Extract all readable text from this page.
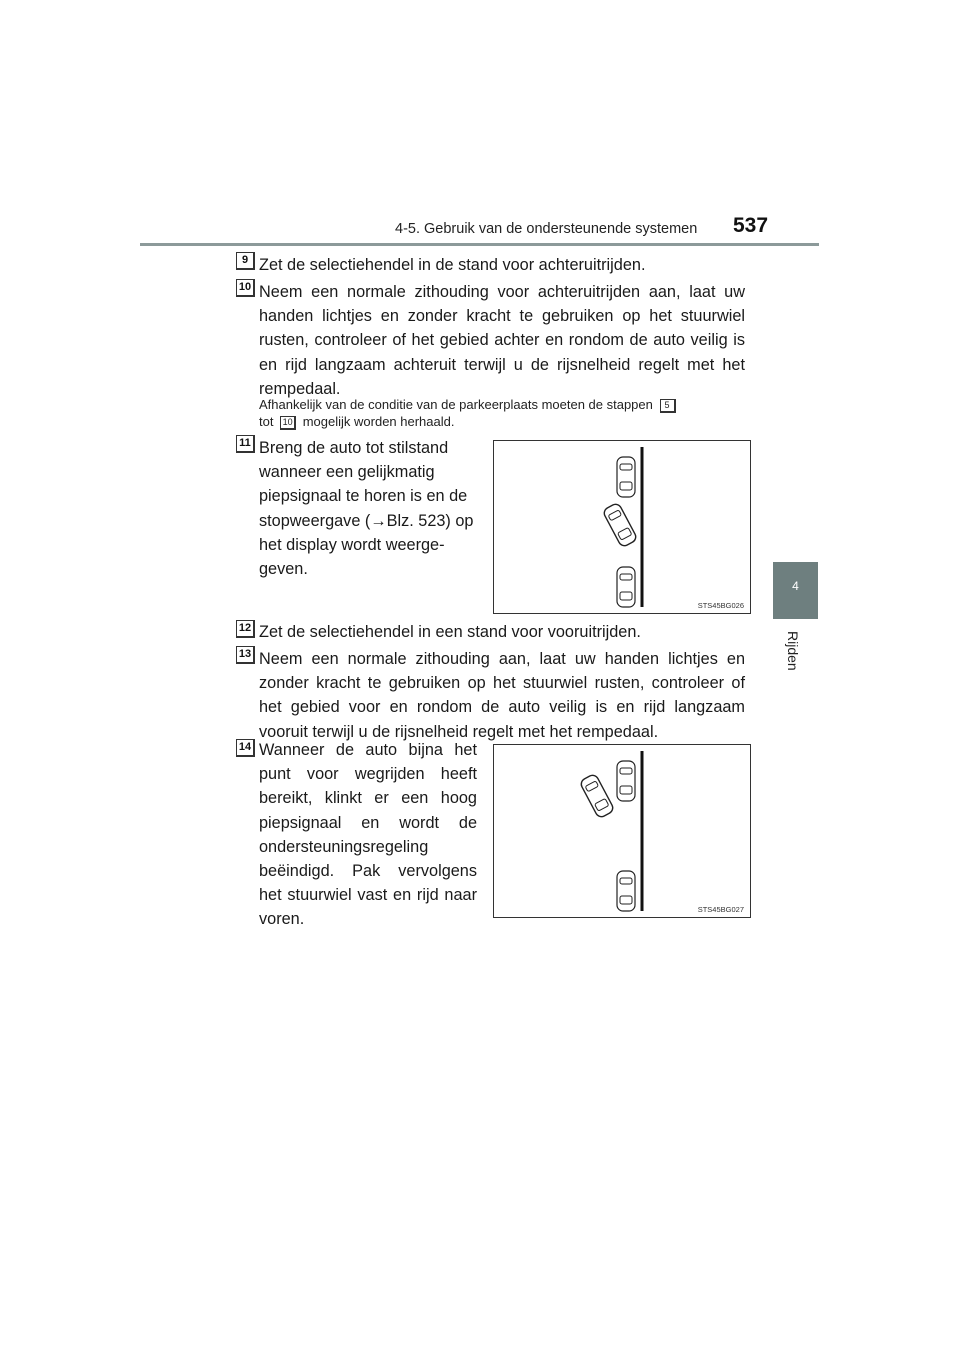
4-5. Gebruik van de ondersteunende systemen 537
4
Rijden
9 Zet de selectiehendel in de stand voor achteruitrijden.
10 Neem een normale zithouding voor achteruitrijden aan, laat uw handen lichtjes en zonder kracht te gebruiken op het stuurwiel rusten, controleer of het gebied achter en rondom de auto veilig is en rijd langzaam achteruit terwijl u de rijsnelheid regelt met het rempedaal.
Afhankelijk van de conditie van de parkeerplaats moeten de stappen 5
tot 10 mogelijk worden herhaald.
11 Breng de auto tot stilstand wanneer een gelijkmatig piepsignaal te horen is en de stopweergave (→Blz. 523) op het display wordt weerge-geven.
STS45BG026
12 Zet de selectiehendel in een stand voor vooruitrijden.
13 Neem een normale zithouding aan, laat uw handen lichtjes en zonder kracht te gebruiken op het stuurwiel rusten, controleer of het gebied voor en rondom de auto veilig is en rijd langzaam vooruit terwijl u de rijsnelheid regelt met het rempedaal.
14 Wanneer de auto bijna het punt voor wegrijden heeft bereikt, klinkt er een hoog piepsignaal en wordt de ondersteuningsregeling beëindigd. Pak vervolgens het stuurwiel vast en rijd naar voren.
STS45BG027
